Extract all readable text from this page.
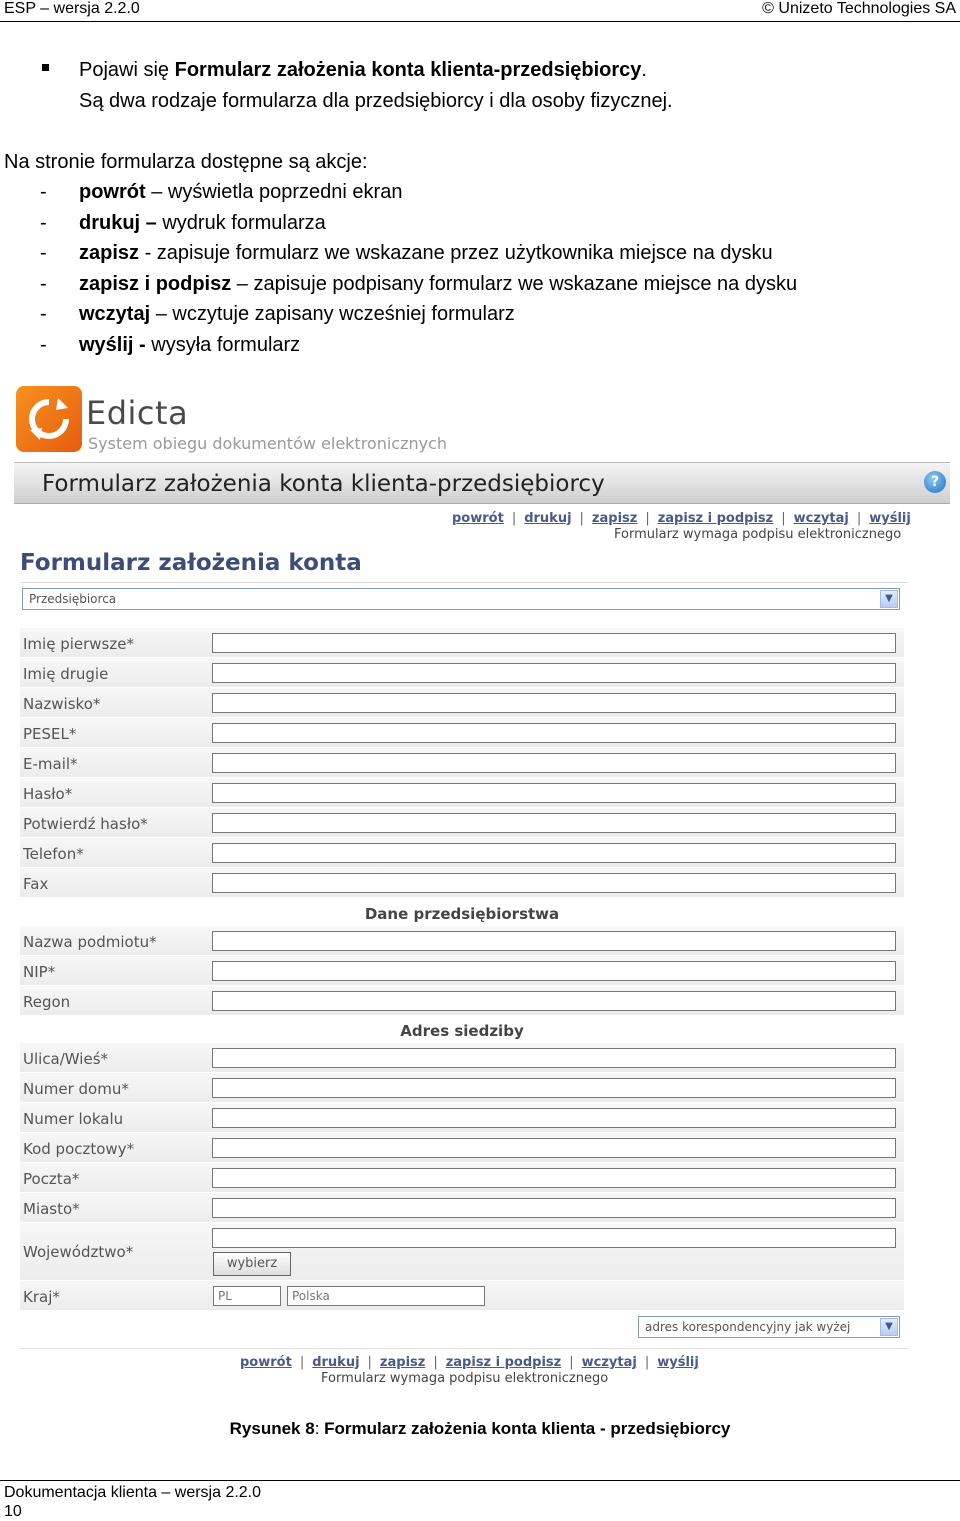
ESP – wersja 2.2.0	© Unizeto Technologies SA
Pojawi się Formularz założenia konta klienta-przedsiębiorcy.
Są dwa rodzaje formularza dla przedsiębiorcy i dla osoby fizycznej.
Na stronie formularza dostępne są akcje:
- powrót – wyświetla poprzedni ekran
- drukuj – wydruk formularza
- zapisz - zapisuje formularz we wskazane przez użytkownika miejsce na dysku
- zapisz i podpisz – zapisuje podpisany formularz we wskazane miejsce na dysku
- wczytaj – wczytuje zapisany wcześniej formularz
- wyślij - wysyła formularz
Edicta
System obiegu dokumentów elektronicznych
Formularz założenia konta klienta-przedsiębiorcy	?
powrót | drukuj | zapisz | zapisz i podpisz | wczytaj | wyślij
Formularz wymaga podpisu elektronicznego
Formularz założenia konta
Przedsiębiorca	▼
Imię pierwsze*
Imię drugie
Nazwisko*
PESEL*
E-mail*
Hasło*
Potwierdź hasło*
Telefon*
Fax
Dane przedsiębiorstwa
Nazwa podmiotu*
NIP*
Regon
Adres siedziby
Ulica/Wieś*
Numer domu*
Numer lokalu
Kod pocztowy*
Poczta*
Miasto*
Województwo*
wybierz
Kraj*	PL	Polska
adres korespondencyjny jak wyżej	▼
powrót | drukuj | zapisz | zapisz i podpisz | wczytaj | wyślij
Formularz wymaga podpisu elektronicznego
Rysunek 8: Formularz założenia konta klienta - przedsiębiorcy
Dokumentacja klienta – wersja 2.2.0
10
